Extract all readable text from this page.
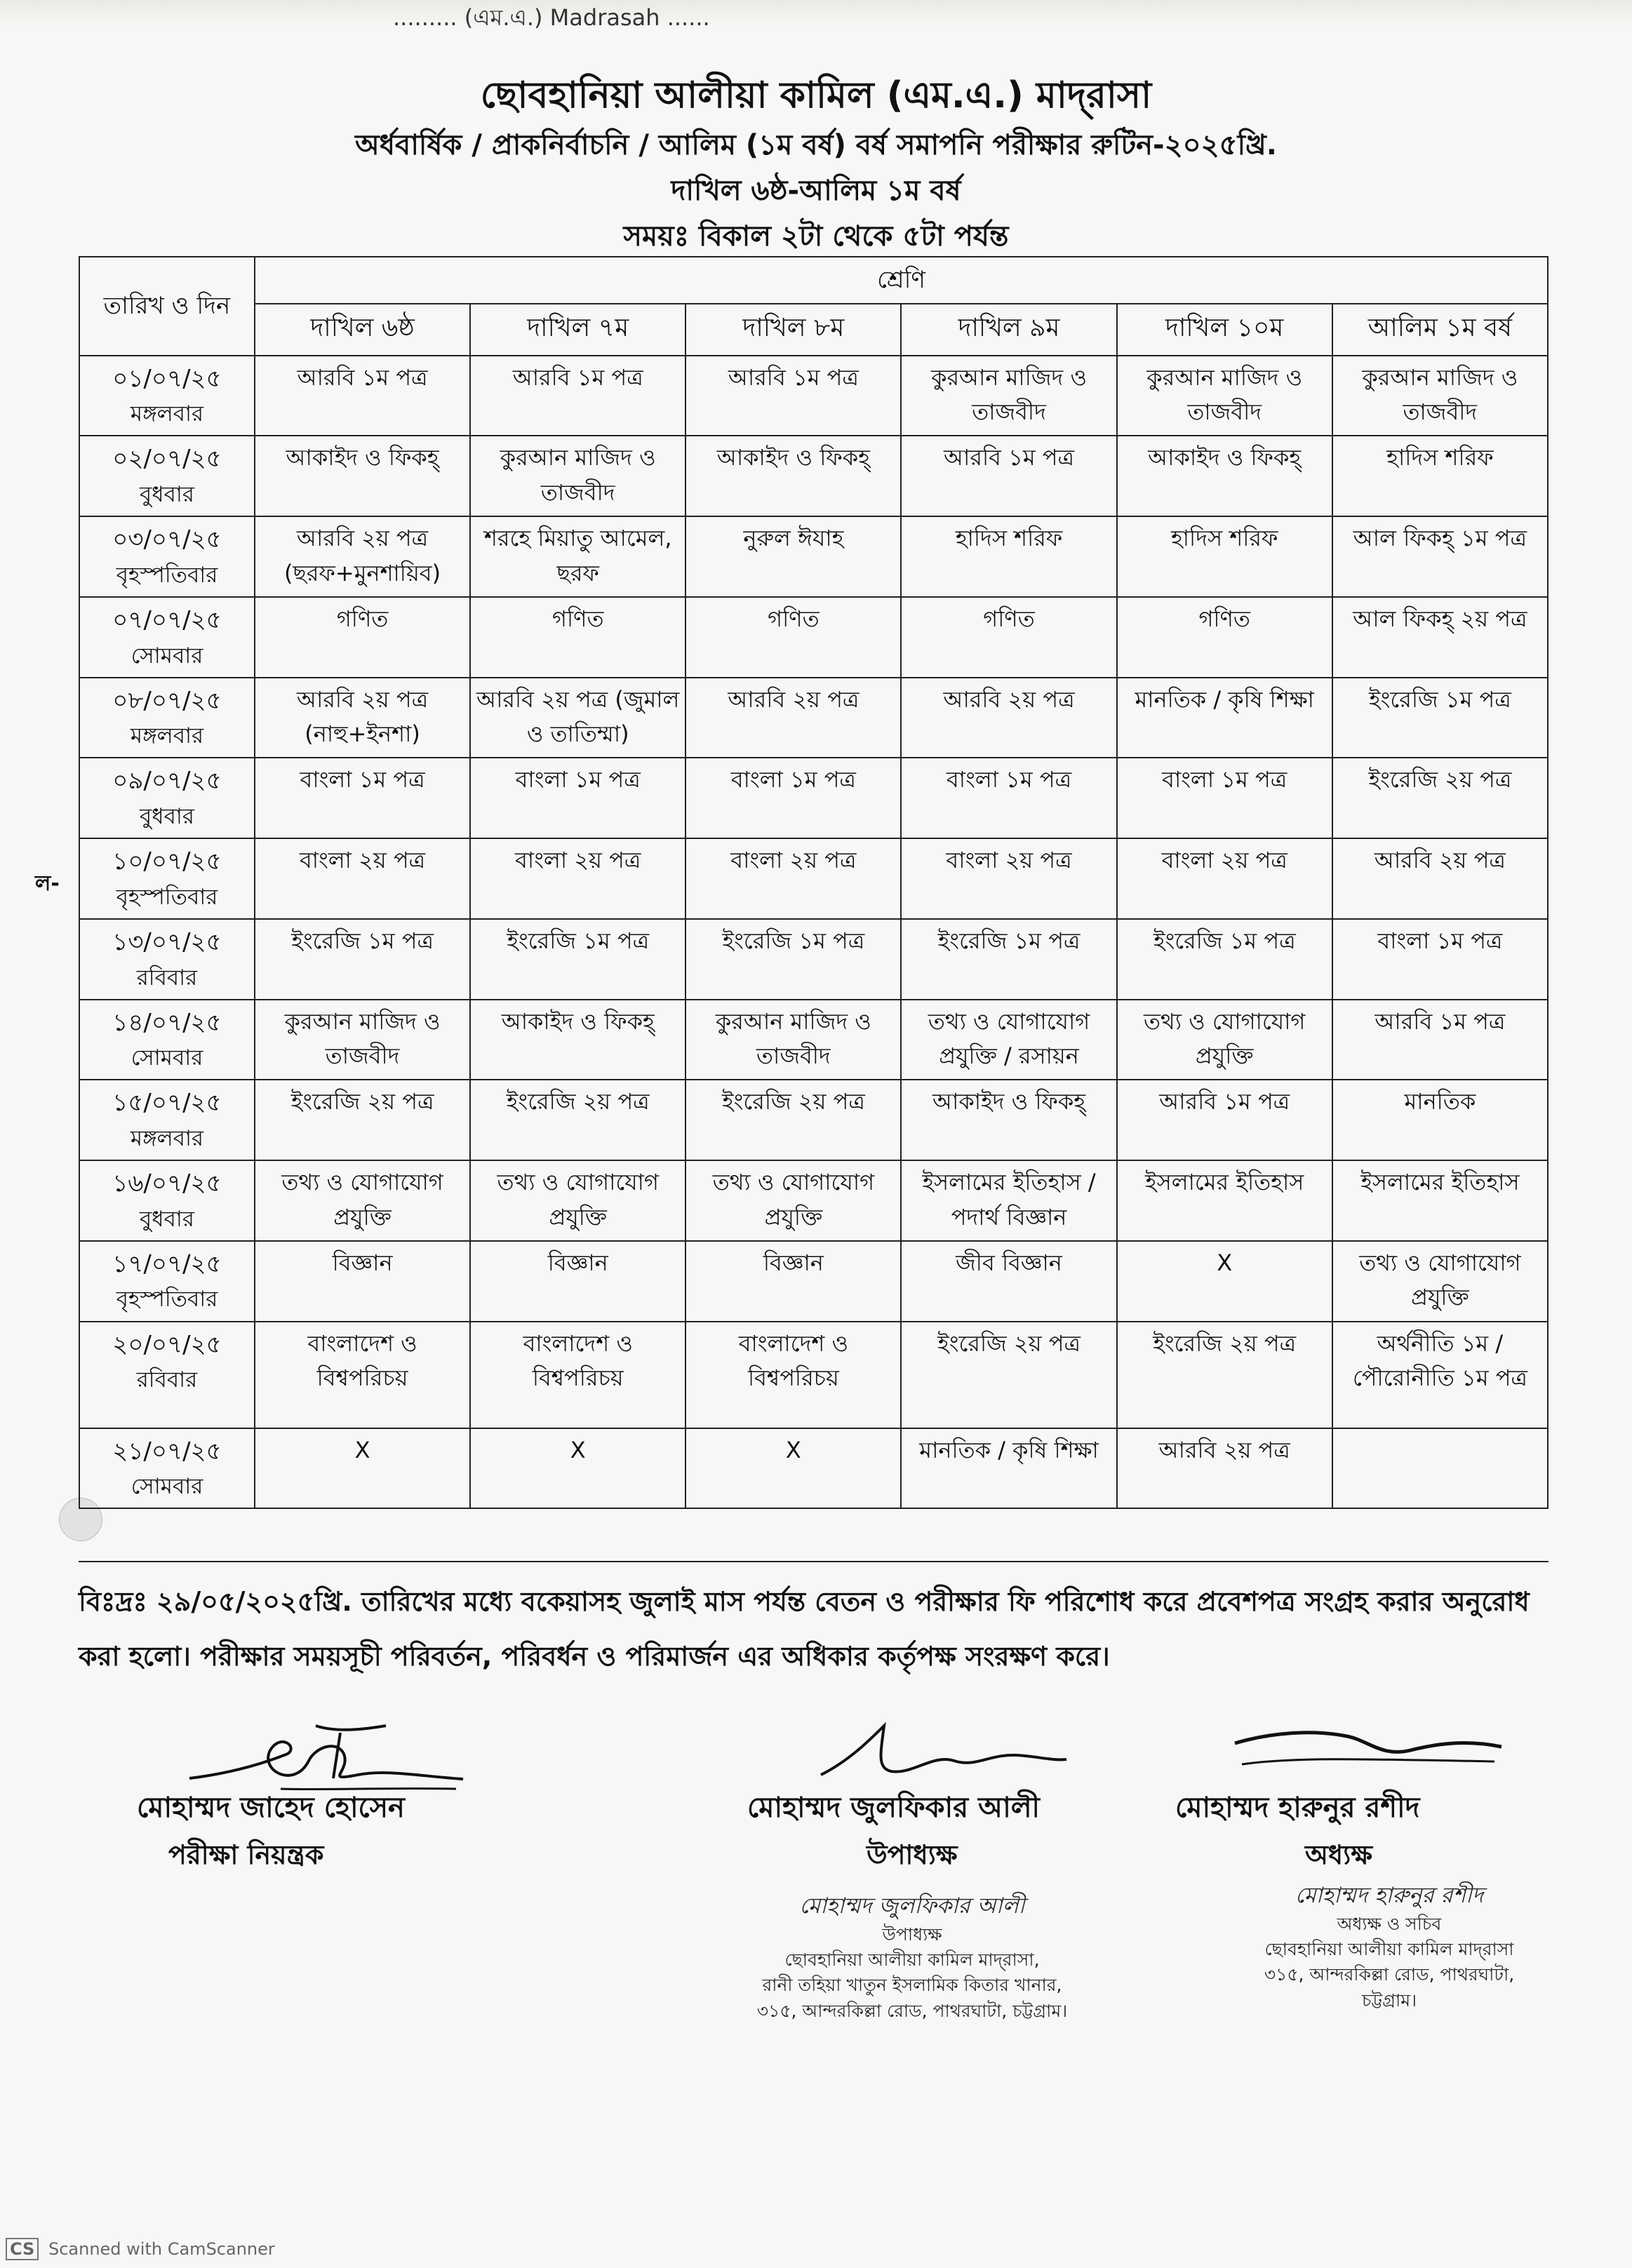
......... (এম.এ.) Madrasah ......
ল-
ছোবহানিয়া আলীয়া কামিল (এম.এ.) মাদ্‌রাসা
অর্ধবার্ষিক / প্রাকনির্বাচনি / আলিম (১ম বর্ষ) বর্ষ সমাপনি পরীক্ষার রুটিন-২০২৫খ্রি.
দাখিল ৬ষ্ঠ-আলিম ১ম বর্ষ
সময়ঃ বিকাল ২টা থেকে ৫টা পর্যন্ত
তারিখ ও দিন	শ্রেণি					
	দাখিল ৬ষ্ঠ	দাখিল ৭ম	দাখিল ৮ম	দাখিল ৯ম	দাখিল ১০ম	আলিম ১ম বর্ষ

০১/০৭/২৫
মঙ্গলবার	আরবি ১ম পত্র	আরবি ১ম পত্র	আরবি ১ম পত্র	কুরআন মাজিদ ও তাজবীদ	কুরআন মাজিদ ও তাজবীদ	কুরআন মাজিদ ও তাজবীদ

০২/০৭/২৫
বুধবার	আকাইদ ও ফিকহ্	কুরআন মাজিদ ও তাজবীদ	আকাইদ ও ফিকহ্	আরবি ১ম পত্র	আকাইদ ও ফিকহ্	হাদিস শরিফ

০৩/০৭/২৫
বৃহস্পতিবার	আরবি ২য় পত্র (ছরফ+মুনশায়িব)	শরহে মিয়াতু আমেল, ছরফ	নুরুল ঈযাহ	হাদিস শরিফ	হাদিস শরিফ	আল ফিকহ্ ১ম পত্র

০৭/০৭/২৫
সোমবার	গণিত	গণিত	গণিত	গণিত	গণিত	আল ফিকহ্ ২য় পত্র

০৮/০৭/২৫
মঙ্গলবার	আরবি ২য় পত্র (নাহু+ইনশা)	আরবি ২য় পত্র (জুমাল ও তাতিম্মা)	আরবি ২য় পত্র	আরবি ২য় পত্র	মানতিক / কৃষি শিক্ষা	ইংরেজি ১ম পত্র

০৯/০৭/২৫
বুধবার	বাংলা ১ম পত্র	বাংলা ১ম পত্র	বাংলা ১ম পত্র	বাংলা ১ম পত্র	বাংলা ১ম পত্র	ইংরেজি ২য় পত্র

১০/০৭/২৫
বৃহস্পতিবার	বাংলা ২য় পত্র	বাংলা ২য় পত্র	বাংলা ২য় পত্র	বাংলা ২য় পত্র	বাংলা ২য় পত্র	আরবি ২য় পত্র

১৩/০৭/২৫
রবিবার	ইংরেজি ১ম পত্র	ইংরেজি ১ম পত্র	ইংরেজি ১ম পত্র	ইংরেজি ১ম পত্র	ইংরেজি ১ম পত্র	বাংলা ১ম পত্র

১৪/০৭/২৫
সোমবার	কুরআন মাজিদ ও তাজবীদ	আকাইদ ও ফিকহ্	কুরআন মাজিদ ও তাজবীদ	তথ্য ও যোগাযোগ প্রযুক্তি / রসায়ন	তথ্য ও যোগাযোগ প্রযুক্তি	আরবি ১ম পত্র

১৫/০৭/২৫
মঙ্গলবার	ইংরেজি ২য় পত্র	ইংরেজি ২য় পত্র	ইংরেজি ২য় পত্র	আকাইদ ও ফিকহ্	আরবি ১ম পত্র	মানতিক

১৬/০৭/২৫
বুধবার	তথ্য ও যোগাযোগ প্রযুক্তি	তথ্য ও যোগাযোগ প্রযুক্তি	তথ্য ও যোগাযোগ প্রযুক্তি	ইসলামের ইতিহাস / পদার্থ বিজ্ঞান	ইসলামের ইতিহাস	ইসলামের ইতিহাস

১৭/০৭/২৫
বৃহস্পতিবার	বিজ্ঞান	বিজ্ঞান	বিজ্ঞান	জীব বিজ্ঞান	X	তথ্য ও যোগাযোগ প্রযুক্তি

২০/০৭/২৫
রবিবার	বাংলাদেশ ও বিশ্বপরিচয়	বাংলাদেশ ও বিশ্বপরিচয়	বাংলাদেশ ও বিশ্বপরিচয়	ইংরেজি ২য় পত্র	ইংরেজি ২য় পত্র	অর্থনীতি ১ম / পৌরোনীতি ১ম পত্র

২১/০৭/২৫
সোমবার	X	X	X	মানতিক / কৃষি শিক্ষা	আরবি ২য় পত্র	
বিঃদ্রঃ ২৯/০৫/২০২৫খ্রি. তারিখের মধ্যে বকেয়াসহ জুলাই মাস পর্যন্ত বেতন ও পরীক্ষার ফি পরিশোধ করে প্রবেশপত্র সংগ্রহ করার অনুরোধ করা হলো। পরীক্ষার সময়সূচী পরিবর্তন, পরিবর্ধন ও পরিমার্জন এর অধিকার কর্তৃপক্ষ সংরক্ষণ করে।
মোহাম্মদ জাহেদ হোসেন
পরীক্ষা নিয়ন্ত্রক
মোহাম্মদ জুলফিকার আলী
উপাধ্যক্ষ
মোহাম্মদ জুলফিকার আলী
উপাধ্যক্ষ
ছোবহানিয়া আলীয়া কামিল মাদ্‌রাসা,
রানী তহিয়া খাতুন ইসলামিক কিতার খানার,
৩১৫, আন্দরকিল্লা রোড, পাথরঘাটা, চট্টগ্রাম।
মোহাম্মদ হারুনুর রশীদ
অধ্যক্ষ
মোহাম্মদ হারুনুর রশীদ
অধ্যক্ষ ও সচিব
ছোবহানিয়া আলীয়া কামিল মাদ্‌রাসা
৩১৫, আন্দরকিল্লা রোড, পাথরঘাটা,
চট্টগ্রাম।
CS Scanned with CamScanner
